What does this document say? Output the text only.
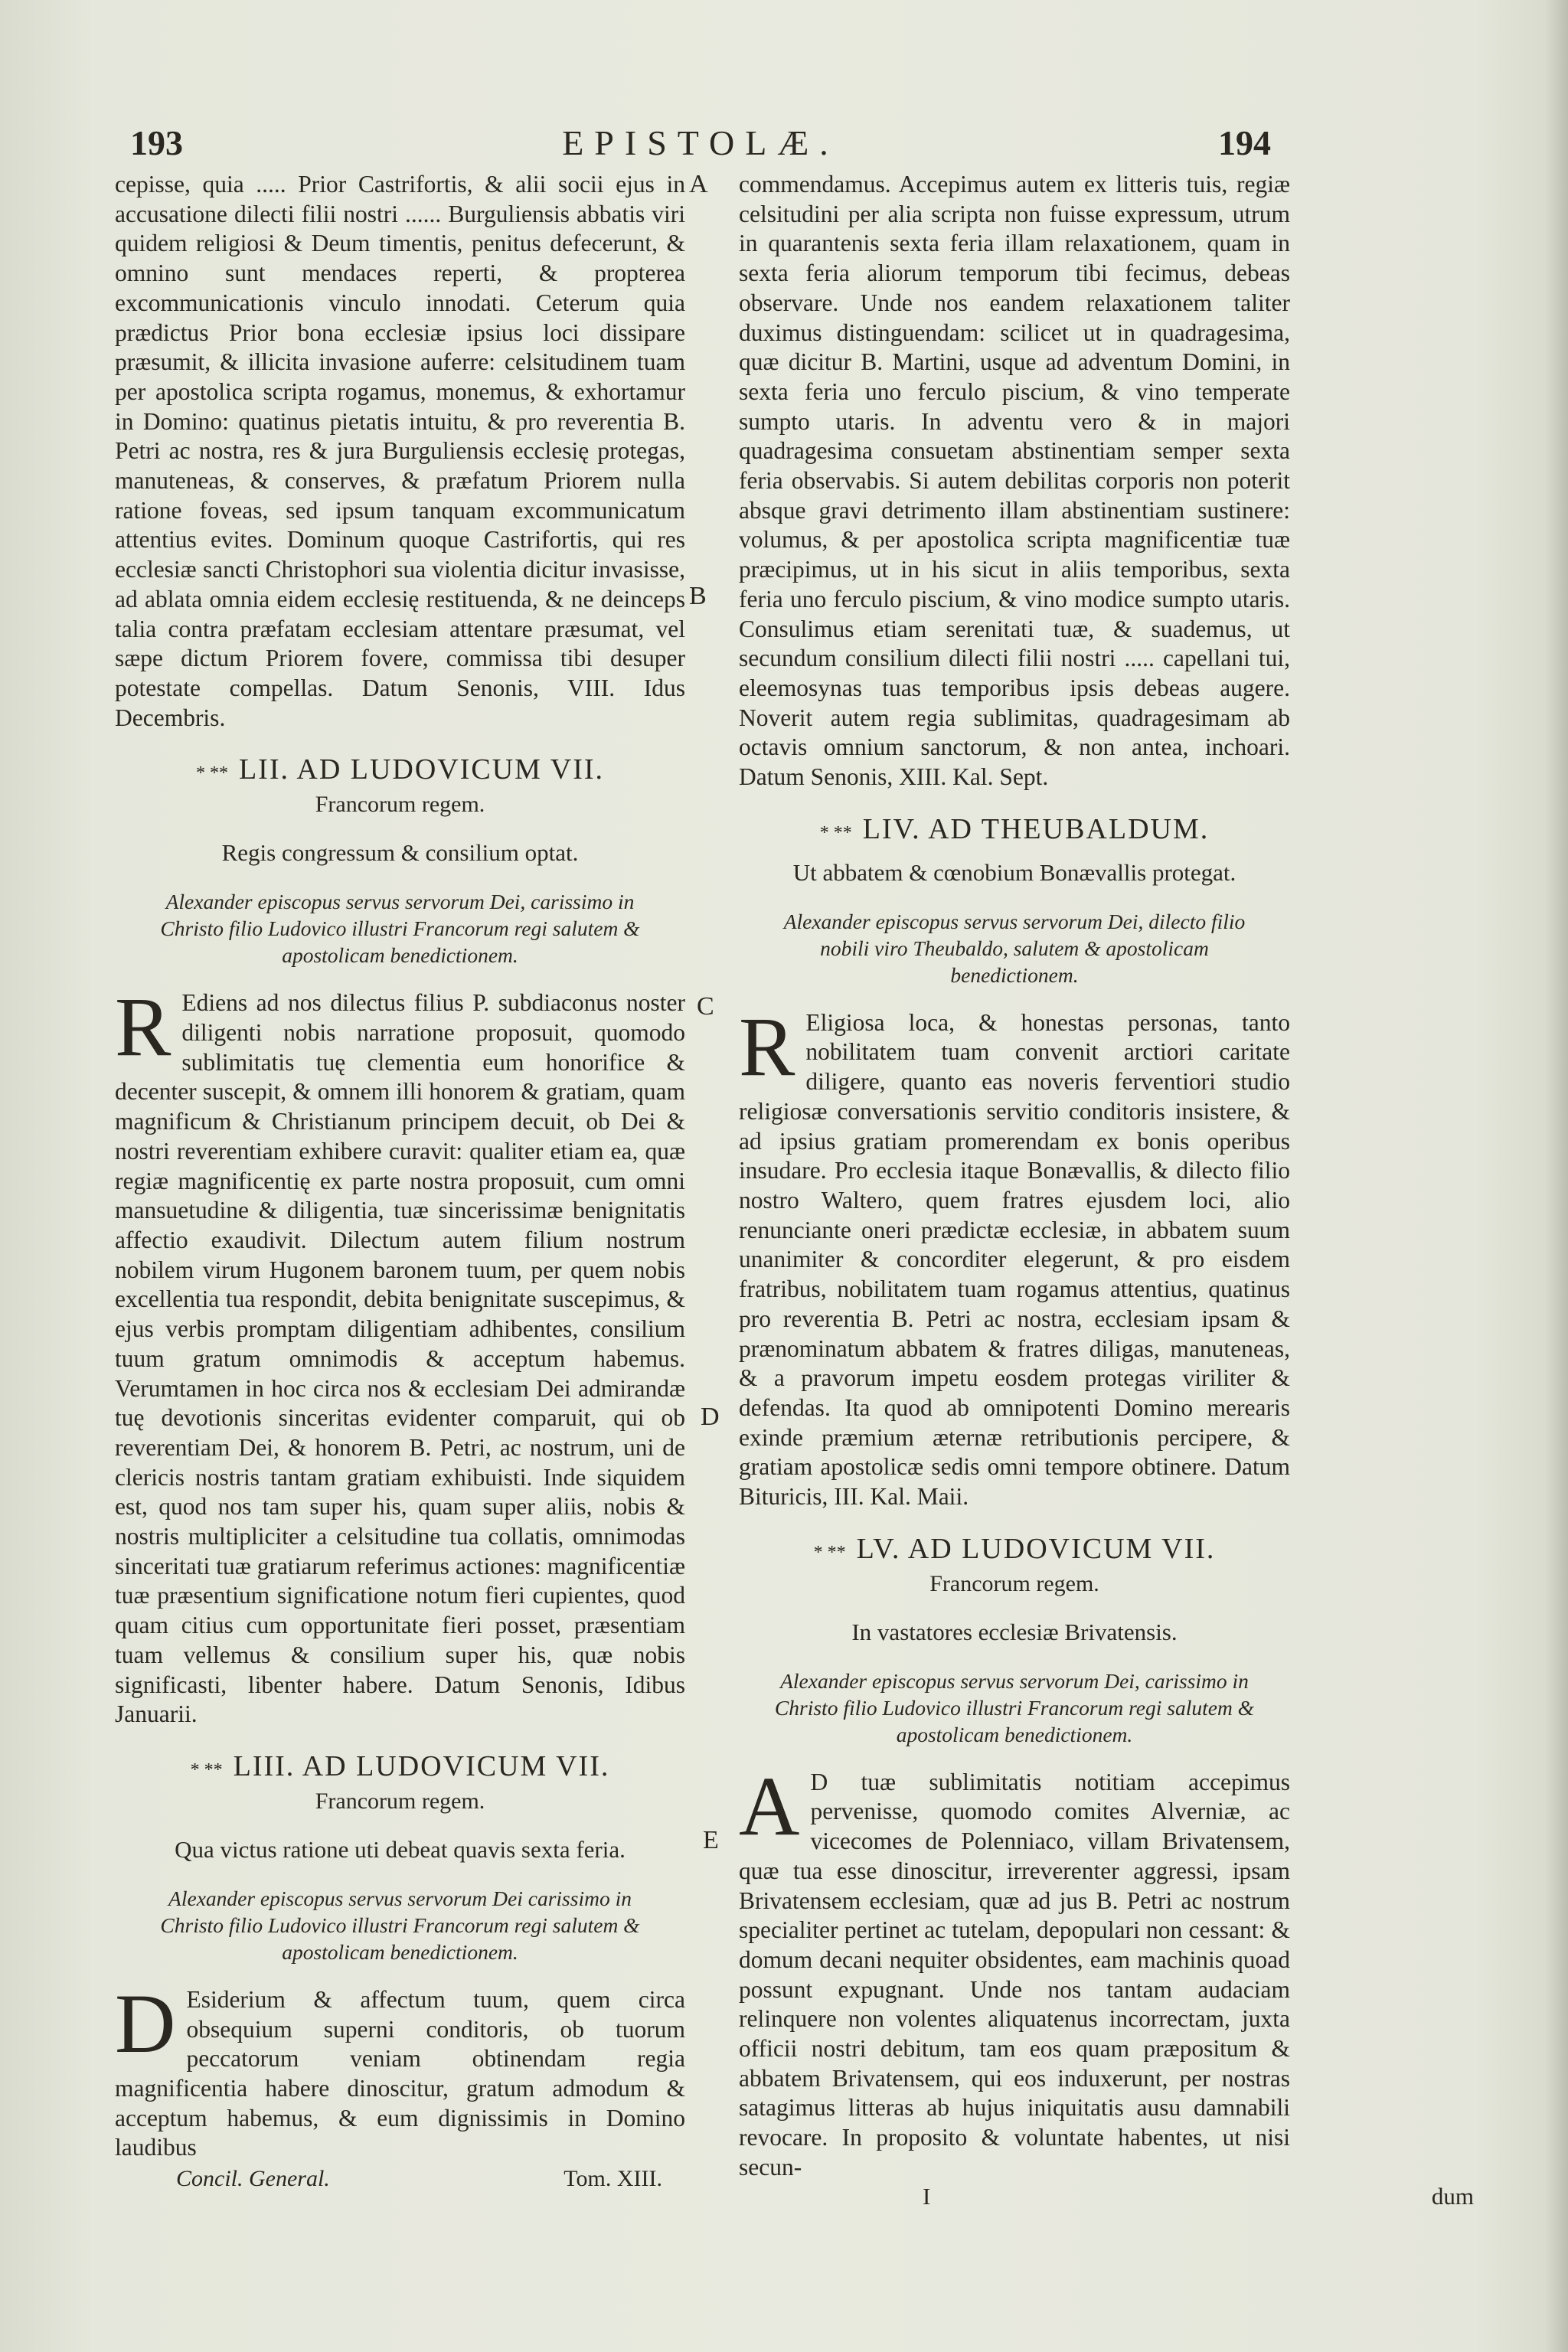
193	EPISTOLÆ.	194
A
B
C
D
E

cepisse, quia ..... Prior Castrifortis, & alii socii ejus in accusatione dilecti filii nostri ...... Burguliensis abbatis viri quidem religiosi & Deum timentis, penitus defecerunt, & omnino sunt mendaces reperti, & propterea excommunicationis vinculo innodati. Ceterum quia prædictus Prior bona ecclesiæ ipsius loci dissipare præsumit, & illicita invasione auferre: celsitudinem tuam per apostolica scripta rogamus, monemus, & exhortamur in Domino: quatinus pietatis intuitu, & pro reverentia B. Petri ac nostra, res & jura Burguliensis ecclesię protegas, manuteneas, & conserves, & præfatum Priorem nulla ratione foveas, sed ipsum tanquam excommunicatum attentius evites. Dominum quoque Castrifortis, qui res ecclesiæ sancti Christophori sua violentia dicitur invasisse, ad ablata omnia eidem ecclesię restituenda, & ne deinceps talia contra præfatam ecclesiam attentare præsumat, vel sæpe dictum Priorem fovere, commissa tibi desuper potestate compellas. Datum Senonis, VIII. Idus Decembris.

* ** LII. AD LUDOVICUM VII.
Francorum regem.
Regis congressum & consilium optat.
Alexander episcopus servus servorum Dei, carissimo in Christo filio Ludovico illustri Francorum regi salutem & apostolicam benedictionem.

R Ediens ad nos dilectus filius P. subdiaconus noster diligenti nobis narratione proposuit, quomodo sublimitatis tuę clementia eum honorifice & decenter suscepit, & omnem illi honorem & gratiam, quam magnificum & Christianum principem decuit, ob Dei & nostri reverentiam exhibere curavit: qualiter etiam ea, quæ regiæ magnificentię ex parte nostra proposuit, cum omni mansuetudine & diligentia, tuæ sincerissimæ benignitatis affectio exaudivit. Dilectum autem filium nostrum nobilem virum Hugonem baronem tuum, per quem nobis excellentia tua respondit, debita benignitate suscepimus, & ejus verbis promptam diligentiam adhibentes, consilium tuum gratum omnimodis & acceptum habemus. Verumtamen in hoc circa nos & ecclesiam Dei admirandæ tuę devotionis sinceritas evidenter comparuit, qui ob reverentiam Dei, & honorem B. Petri, ac nostrum, uni de clericis nostris tantam gratiam exhibuisti. Inde siquidem est, quod nos tam super his, quam super aliis, nobis & nostris multipliciter a celsitudine tua collatis, omnimodas sinceritati tuæ gratiarum referimus actiones: magnificentiæ tuæ præsentium significatione notum fieri cupientes, quod quam citius cum opportunitate fieri posset, præsentiam tuam vellemus & consilium super his, quæ nobis significasti, libenter habere. Datum Senonis, Idibus Januarii.

* ** LIII. AD LUDOVICUM VII.
Francorum regem.
Qua victus ratione uti debeat quavis sexta feria.
Alexander episcopus servus servorum Dei carissimo in Christo filio Ludovico illustri Francorum regi salutem & apostolicam benedictionem.

D Esiderium & affectum tuum, quem circa obsequium superni conditoris, ob tuorum peccatorum veniam obtinendam regia magnificentia habere dinoscitur, gratum admodum & acceptum habemus, & eum dignissimis in Domino laudibus

Concil. General.	Tom. XIII.

commendamus. Accepimus autem ex litteris tuis, regiæ celsitudini per alia scripta non fuisse expressum, utrum in quarantenis sexta feria illam relaxationem, quam in sexta feria aliorum temporum tibi fecimus, debeas observare. Unde nos eandem relaxationem taliter duximus distinguendam: scilicet ut in quadragesima, quæ dicitur B. Martini, usque ad adventum Domini, in sexta feria uno ferculo piscium, & vino temperate sumpto utaris. In adventu vero & in majori quadragesima consuetam abstinentiam semper sexta feria observabis. Si autem debilitas corporis non poterit absque gravi detrimento illam abstinentiam sustinere: volumus, & per apostolica scripta magnificentiæ tuæ præcipimus, ut in his sicut in aliis temporibus, sexta feria uno ferculo piscium, & vino modice sumpto utaris. Consulimus etiam serenitati tuæ, & suademus, ut secundum consilium dilecti filii nostri ..... capellani tui, eleemosynas tuas temporibus ipsis debeas augere. Noverit autem regia sublimitas, quadragesimam ab octavis omnium sanctorum, & non antea, inchoari. Datum Senonis, XIII. Kal. Sept.

* ** LIV. AD THEUBALDUM.
Ut abbatem & cœnobium Bonævallis protegat.
Alexander episcopus servus servorum Dei, dilecto filio nobili viro Theubaldo, salutem & apostolicam benedictionem.

R Eligiosa loca, & honestas personas, tanto nobilitatem tuam convenit arctiori caritate diligere, quanto eas noveris ferventiori studio religiosæ conversationis servitio conditoris insistere, & ad ipsius gratiam promerendam ex bonis operibus insudare. Pro ecclesia itaque Bonævallis, & dilecto filio nostro Waltero, quem fratres ejusdem loci, alio renunciante oneri prædictæ ecclesiæ, in abbatem suum unanimiter & concorditer elegerunt, & pro eisdem fratribus, nobilitatem tuam rogamus attentius, quatinus pro reverentia B. Petri ac nostra, ecclesiam ipsam & prænominatum abbatem & fratres diligas, manuteneas, & a pravorum impetu eosdem protegas viriliter & defendas. Ita quod ab omnipotenti Domino merearis exinde præmium æternæ retributionis percipere, & gratiam apostolicæ sedis omni tempore obtinere. Datum Bituricis, III. Kal. Maii.

* ** LV. AD LUDOVICUM VII.
Francorum regem.
In vastatores ecclesiæ Brivatensis.
Alexander episcopus servus servorum Dei, carissimo in Christo filio Ludovico illustri Francorum regi salutem & apostolicam benedictionem.

A D tuæ sublimitatis notitiam accepimus pervenisse, quomodo comites Alverniæ, ac vicecomes de Polenniaco, villam Brivatensem, quæ tua esse dinoscitur, irreverenter aggressi, ipsam Brivatensem ecclesiam, quæ ad jus B. Petri ac nostrum specialiter pertinet ac tutelam, depopulari non cessant: & domum decani nequiter obsidentes, eam machinis quoad possunt expugnant. Unde nos tantam audaciam relinquere non volentes aliquatenus incorrectam, juxta officii nostri debitum, tam eos quam præpositum & abbatem Brivatensem, qui eos induxerunt, per nostras satagimus litteras ab hujus iniquitatis ausu damnabili revocare. In proposito & voluntate habentes, ut nisi secun-

I	dum
